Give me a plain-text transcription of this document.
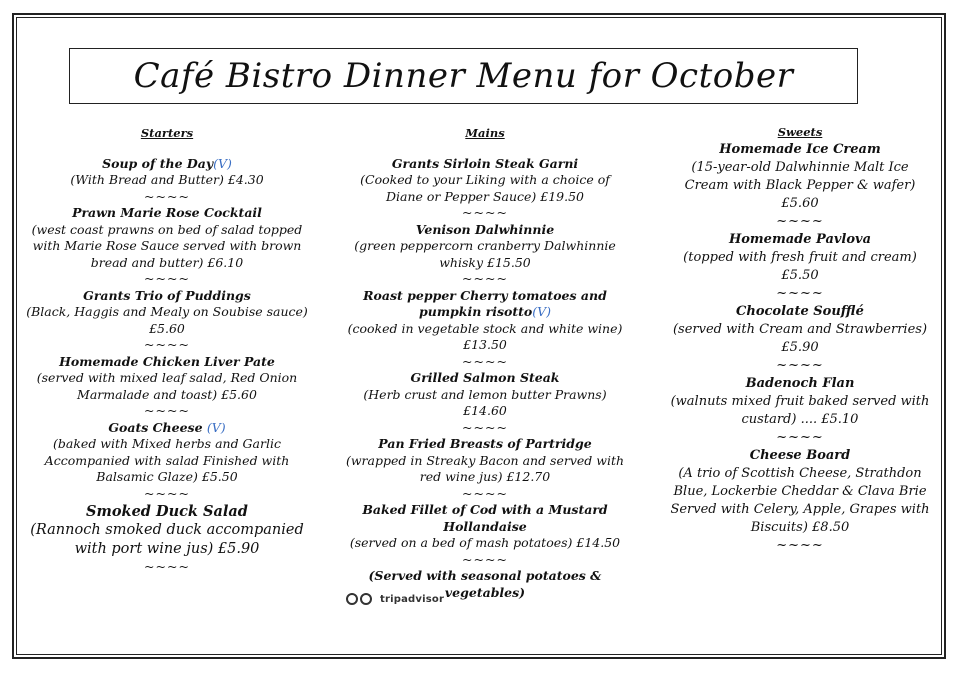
Café Bistro Dinner Menu for October
Starters
Soup of the Day(V)
(With Bread and Butter) £4.30
~~~~
Prawn Marie Rose Cocktail
(west coast prawns on bed of salad topped with Marie Rose Sauce served with brown bread and butter) £6.10
~~~~
Grants Trio of Puddings
(Black, Haggis and Mealy on Soubise sauce) £5.60
~~~~
Homemade Chicken Liver Pate
(served with mixed leaf salad, Red Onion Marmalade and toast) £5.60
~~~~
Goats Cheese (V)
(baked with Mixed herbs and Garlic Accompanied with salad Finished with Balsamic Glaze) £5.50
~~~~
Smoked Duck Salad
(Rannoch smoked duck accompanied with port wine jus) £5.90
~~~~
Mains
Grants Sirloin Steak Garni
(Cooked to your Liking with a choice of Diane or Pepper Sauce) £19.50
~~~~
Venison Dalwhinnie
(green peppercorn cranberry Dalwhinnie whisky £15.50
~~~~
Roast pepper Cherry tomatoes and pumpkin risotto(V)
(cooked in vegetable stock and white wine) £13.50
~~~~
Grilled Salmon Steak
(Herb crust and lemon butter Prawns) £14.60
~~~~
Pan Fried Breasts of Partridge
(wrapped in Streaky Bacon and served with red wine jus) £12.70
~~~~
Baked Fillet of Cod with a Mustard Hollandaise
(served on a bed of mash potatoes) £14.50
~~~~
(Served with seasonal potatoes & vegetables)
Sweets
Homemade Ice Cream
(15-year-old Dalwhinnie Malt Ice Cream with Black Pepper & wafer) £5.60
~~~~
Homemade Pavlova
(topped with fresh fruit and cream) £5.50
~~~~
Chocolate Soufflé
(served with Cream and Strawberries) £5.90
~~~~
Badenoch Flan
(walnuts mixed fruit baked served with custard) .... £5.10
~~~~
Cheese Board
(A trio of Scottish Cheese, Strathdon Blue, Lockerbie Cheddar & Clava Brie Served with Celery, Apple, Grapes with Biscuits) £8.50
~~~~
tripadvisor
